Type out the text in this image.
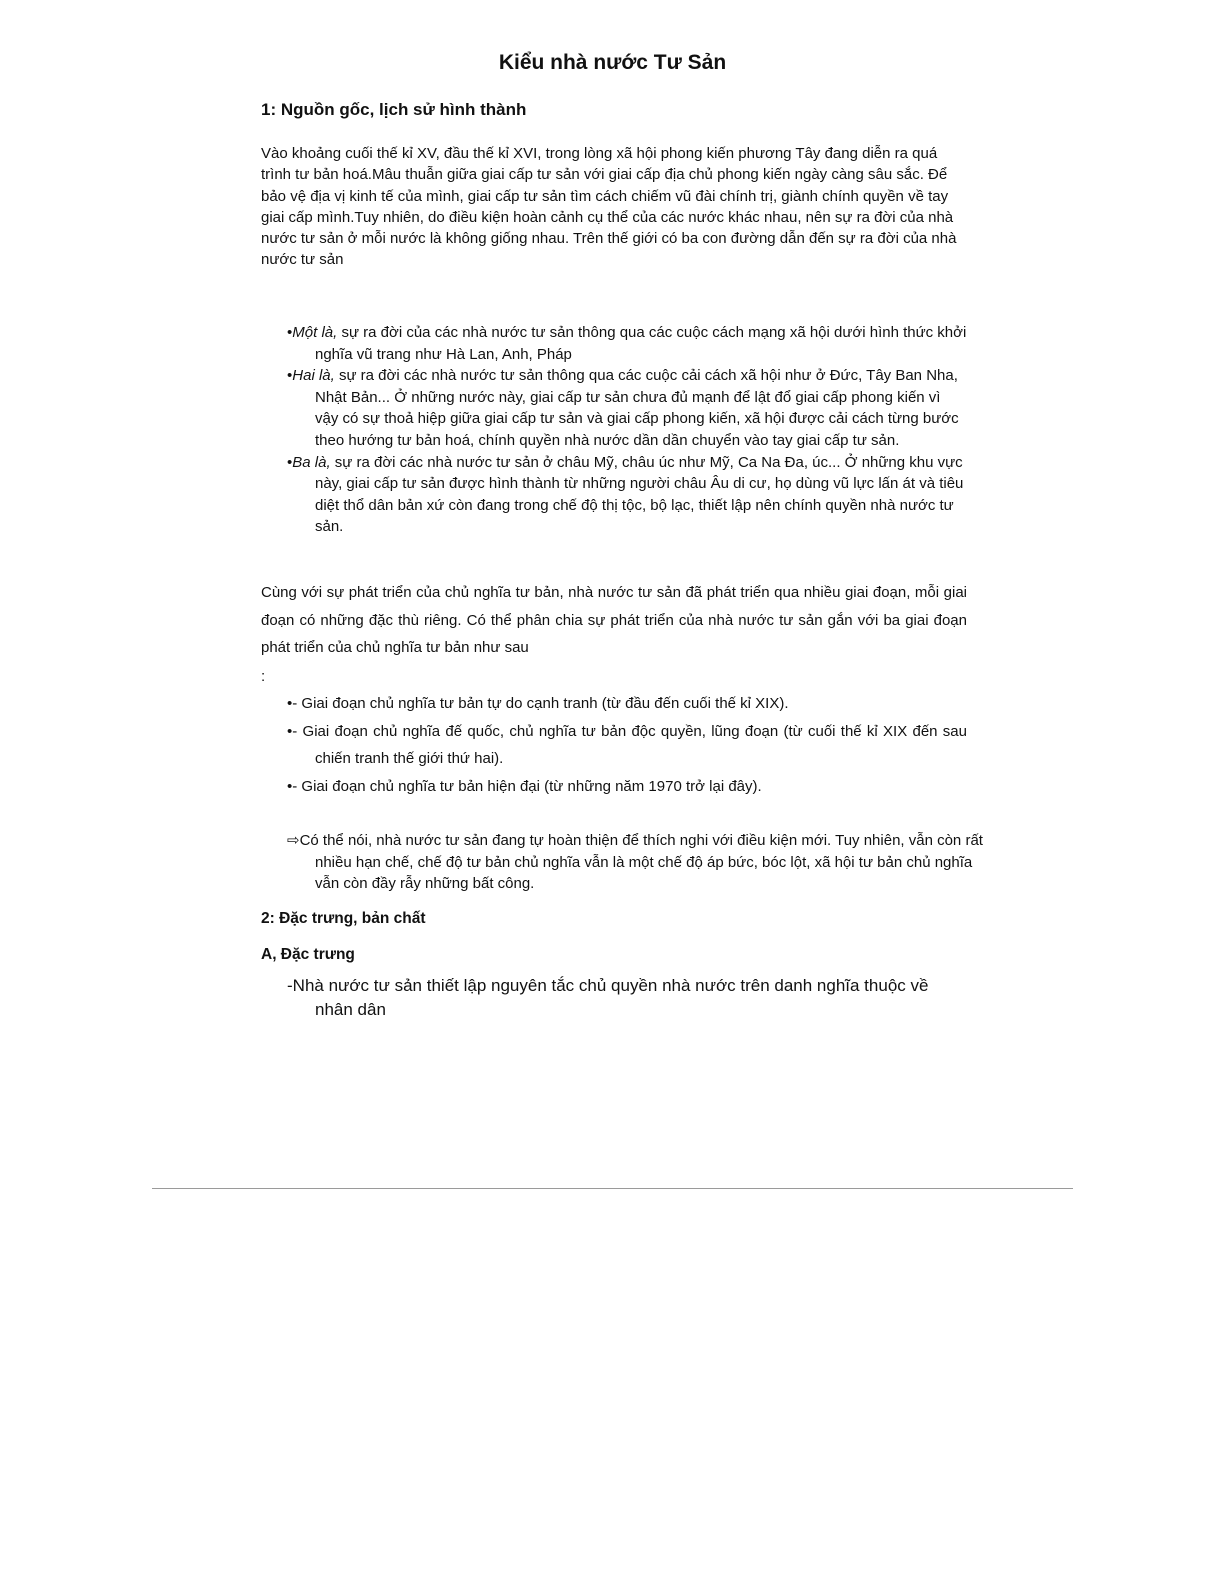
Kiểu nhà nước Tư Sản
1: Nguồn gốc, lịch sử hình thành

Vào khoảng cuối thế kỉ XV, đầu thế kỉ XVI, trong lòng xã hội phong kiến phương Tây đang diễn ra quá trình tư bản hoá.Mâu thuẫn giữa giai cấp tư sản với giai cấp địa chủ phong kiến ngày càng sâu sắc. Để bảo vệ địa vị kinh tế của mình, giai cấp tư sản tìm cách chiếm vũ đài chính trị, giành chính quyền về tay giai cấp mình.Tuy nhiên, do điều kiện hoàn cảnh cụ thể của các nước khác nhau, nên sự ra đời của nhà nước tư sản ở mỗi nước là không giống nhau. Trên thế giới có ba con đường dẫn đến sự ra đời của nhà nước tư sản

•Một là, sự ra đời của các nhà nước tư sản thông qua các cuộc cách mạng xã hội dưới hình thức khởi nghĩa vũ trang như Hà Lan, Anh, Pháp
•Hai là, sự ra đời các nhà nước tư sản thông qua các cuộc cải cách xã hội như ở Đức, Tây Ban Nha, Nhật Bản... Ở những nước này, giai cấp tư sản chưa đủ mạnh để lật đổ giai cấp phong kiến vì vậy có sự thoả hiệp giữa giai cấp tư sản và giai cấp phong kiến, xã hội được cải cách từng bước theo hướng tư bản hoá, chính quyền nhà nước dần dần chuyển vào tay giai cấp tư sản.
•Ba là, sự ra đời các nhà nước tư sản ở châu Mỹ, châu úc như Mỹ, Ca Na Đa, úc... Ở những khu vực này, giai cấp tư sản được hình thành từ những người châu Âu di cư, họ dùng vũ lực lấn át và tiêu diệt thổ dân bản xứ còn đang trong chế độ thị tộc, bộ lạc, thiết lập nên chính quyền nhà nước tư sản.

Cùng với sự phát triển của chủ nghĩa tư bản, nhà nước tư sản đã phát triển qua nhiều giai đoạn, mỗi giai đoạn có những đặc thù riêng. Có thể phân chia sự phát triển của nhà nước tư sản gắn với ba giai đoạn phát triển của chủ nghĩa tư bản như sau

:
•- Giai đoạn chủ nghĩa tư bản tự do cạnh tranh (từ đầu đến cuối thế kỉ XIX).
•- Giai đoạn chủ nghĩa đế quốc, chủ nghĩa tư bản độc quyền, lũng đoạn (từ cuối thế kỉ XIX đến sau chiến tranh thế giới thứ hai).
•- Giai đoạn chủ nghĩa tư bản hiện đại (từ những năm 1970 trở lại đây).

⇨Có thể nói, nhà nước tư sản đang tự hoàn thiện để thích nghi với điều kiện mới. Tuy nhiên, vẫn còn rất nhiều hạn chế, chế độ tư bản chủ nghĩa vẫn là một chế độ áp bức, bóc lột, xã hội tư bản chủ nghĩa vẫn còn đầy rẫy những bất công.

2: Đặc trưng, bản chất
A, Đặc trưng

-Nhà nước tư sản thiết lập nguyên tắc chủ quyền nhà nước trên danh nghĩa thuộc về nhân dân
